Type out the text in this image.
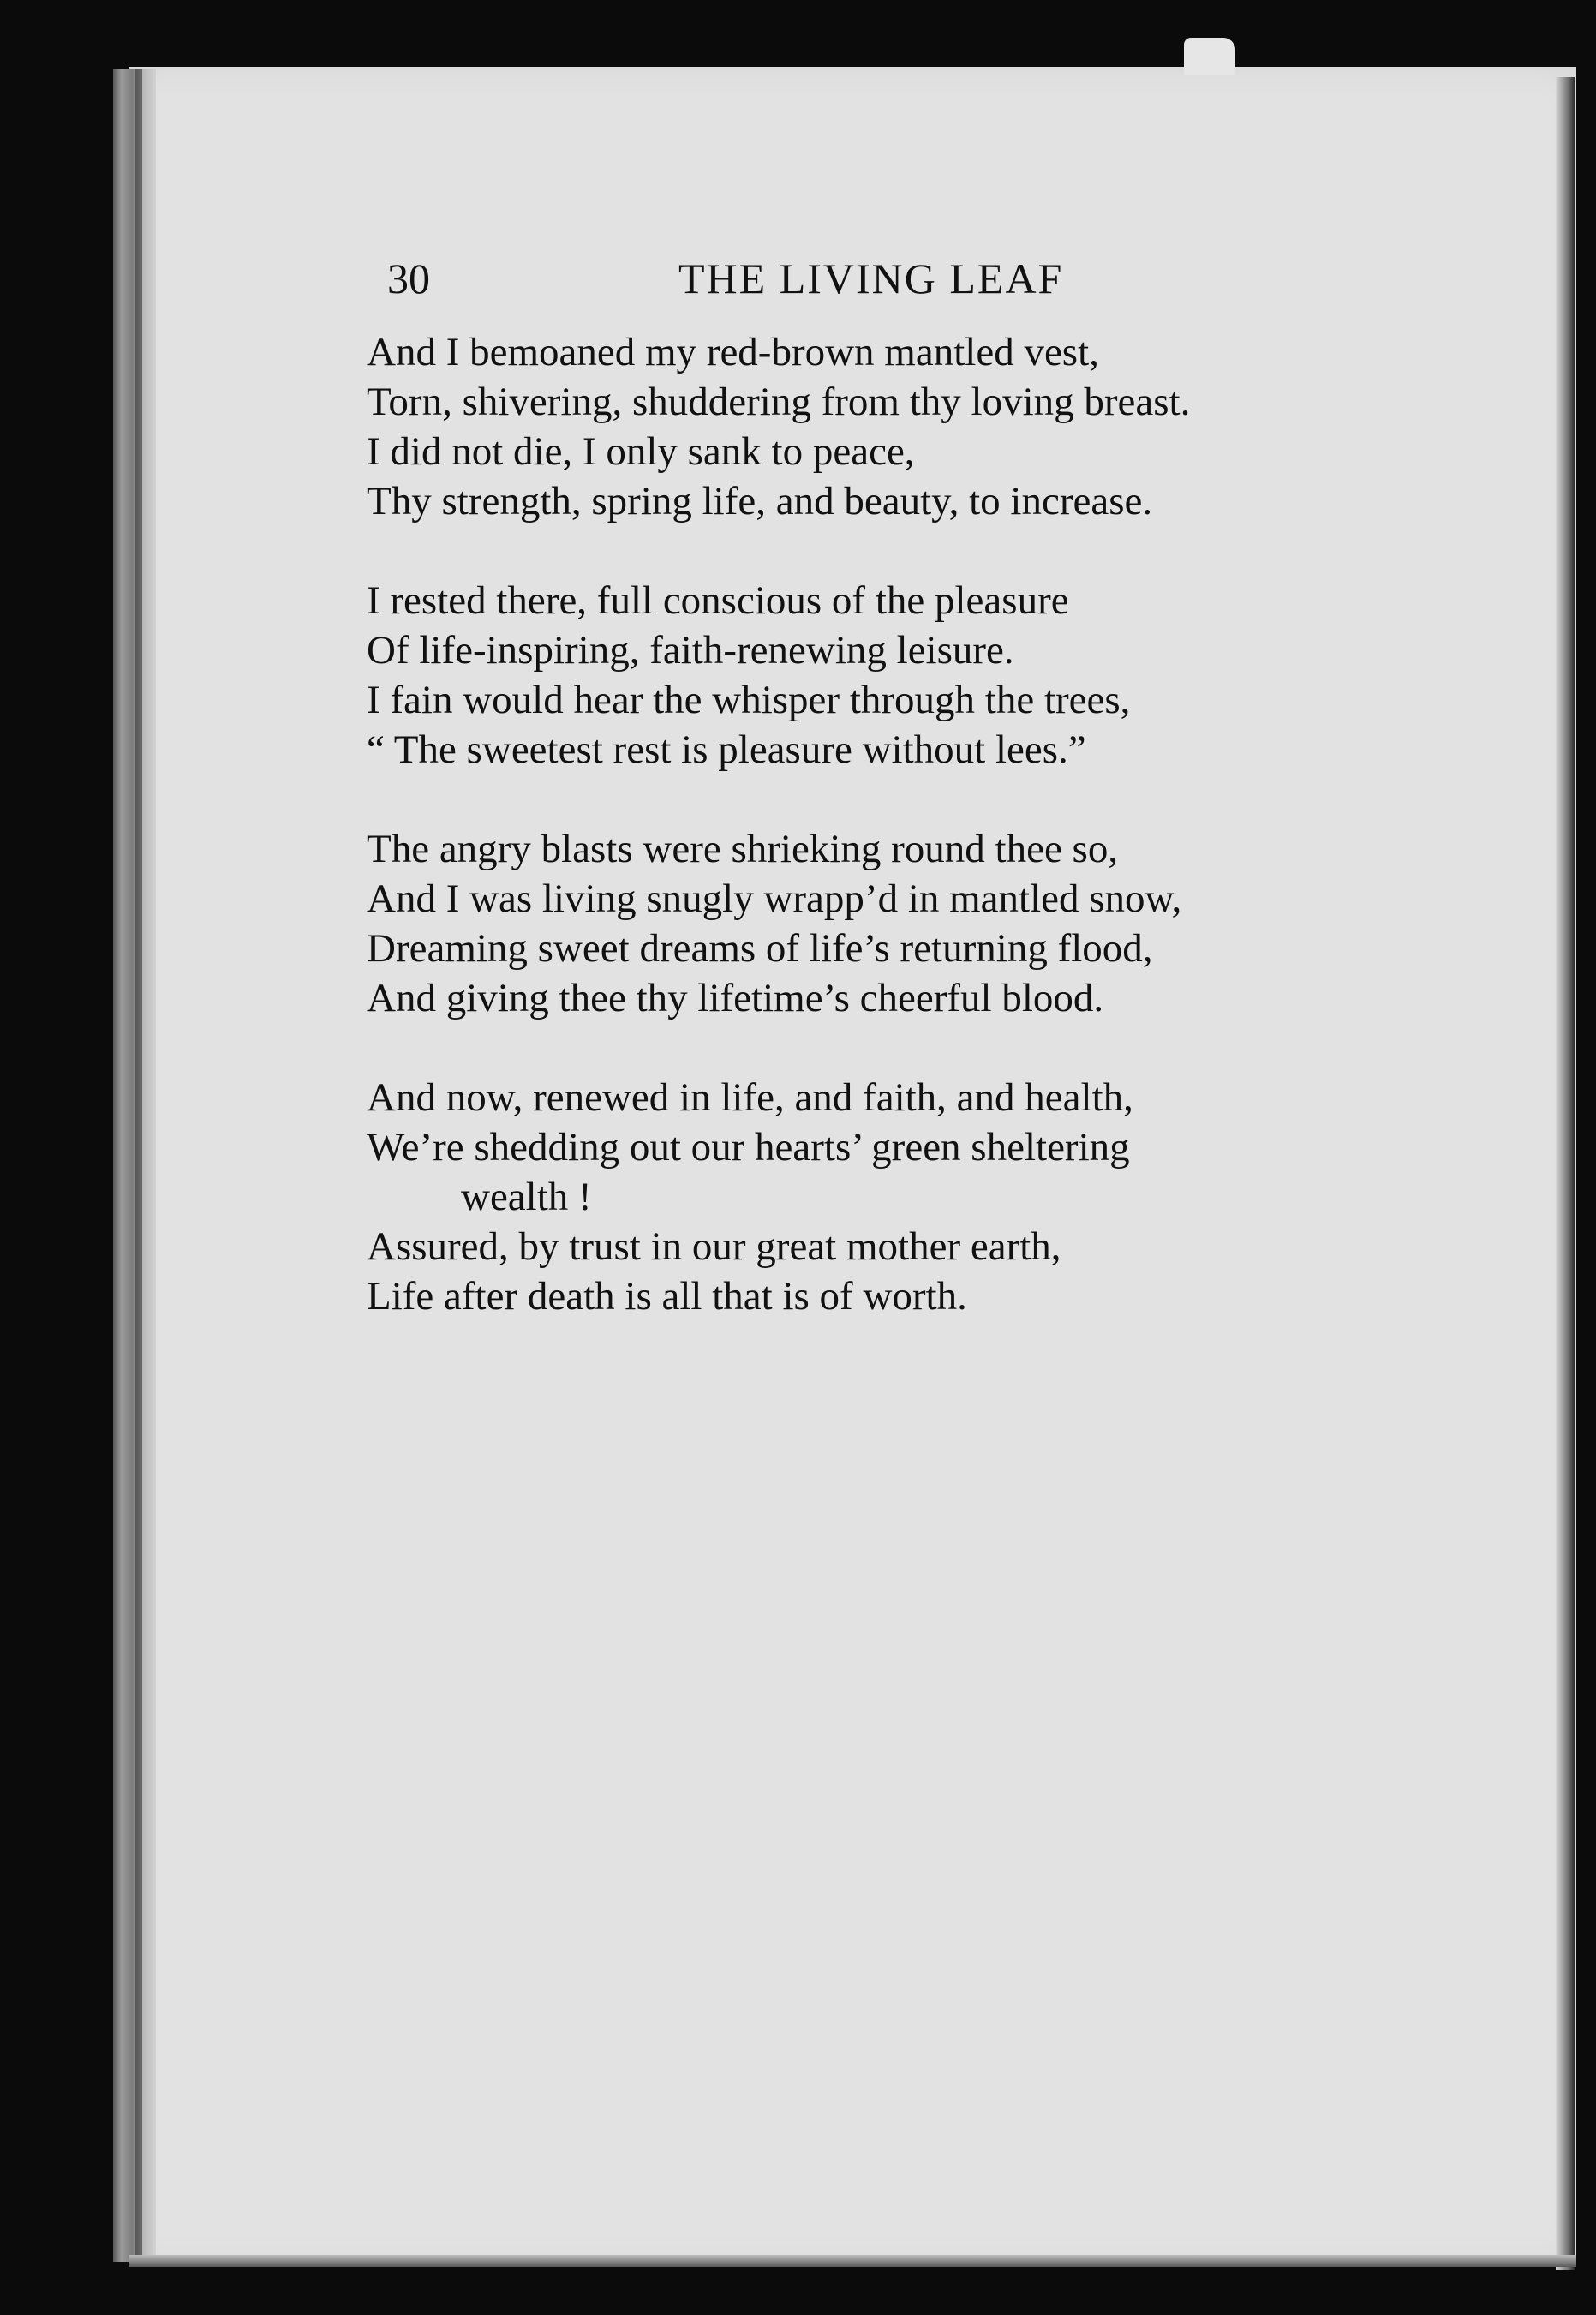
30	THE LIVING LEAF
And I bemoaned my red-brown mantled vest,
Torn, shivering, shuddering from thy loving breast.
I did not die, I only sank to peace,
Thy strength, spring life, and beauty, to increase.
I rested there, full conscious of the pleasure
Of life-inspiring, faith-renewing leisure.
I fain would hear the whisper through the trees,
“ The sweetest rest is pleasure without lees.”
The angry blasts were shrieking round thee so,
And I was living snugly wrapp’d in mantled snow,
Dreaming sweet dreams of life’s returning flood,
And giving thee thy lifetime’s cheerful blood.
And now, renewed in life, and faith, and health,
We’re shedding out our hearts’ green sheltering
wealth !
Assured, by trust in our great mother earth,
Life after death is all that is of worth.
